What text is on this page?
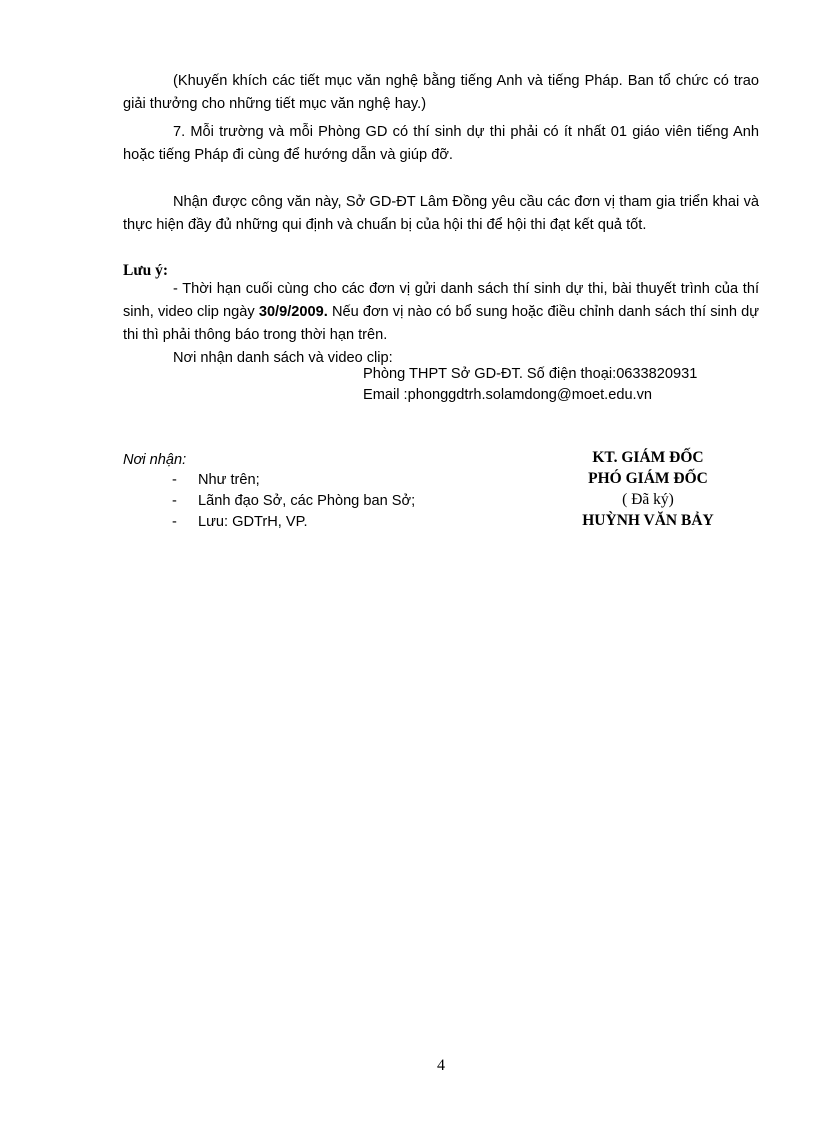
(Khuyến khích các tiết mục văn nghệ bằng tiếng Anh và tiếng Pháp. Ban tổ chức có trao giải thưởng cho những tiết mục văn nghệ hay.)

7. Mỗi trường và mỗi Phòng GD có thí sinh dự thi phải có ít nhất 01 giáo viên tiếng Anh hoặc tiếng Pháp đi cùng để hướng dẫn và giúp đỡ.

Nhận được công văn này, Sở GD-ĐT Lâm Đồng yêu cầu các đơn vị tham gia triển khai và thực hiện đầy đủ những qui định và chuẩn bị của hội thi để hội thi đạt kết quả tốt.

Lưu ý:

- Thời hạn cuối cùng cho các đơn vị gửi danh sách thí sinh dự thi, bài thuyết trình của thí sinh, video clip ngày 30/9/2009. Nếu đơn vị nào có bổ sung hoặc điều chỉnh danh sách thí sinh dự thi thì phải thông báo trong thời hạn trên.

Nơi nhận danh sách và video clip:

Phòng THPT Sở GD-ĐT. Số điện thoại:0633820931
Email :phonggdtrh.solamdong@moet.edu.vn
Nơi nhận:
-	Như trên;
-	Lãnh đạo Sở, các Phòng ban Sở;
-	Lưu: GDTrH, VP.
KT. GIÁM ĐỐC
PHÓ GIÁM ĐỐC
( Đã ký)
HUỲNH VĂN BẢY
4
